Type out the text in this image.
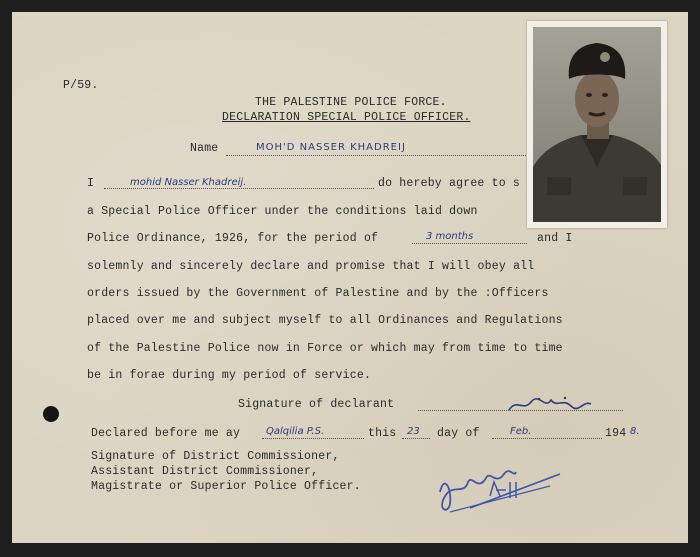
P/59.
THE PALESTINE POLICE FORCE.
DECLARATION SPECIAL POLICE OFFICER.
Name	MOH'D NASSER KHADREIJ
I	mohid Nasser Khadreij.	do hereby agree to s
a Special Police Officer under the conditions laid down
Police Ordinance, 1926, for the period of	3 months	and I
solemnly and sincerely declare and promise that I will obey all
orders issued by the Government of Palestine and by the :Officers
placed over me and subject myself to all Ordinances and Regulations
of the Palestine Police now in Force or which may from time to time
be in forae during my period of service.
Signature of declarant
Declared before me ay	Qalqilia P.S.	this 23 day of	Feb.	194 8.
Signature of District Commissioner,
Assistant District Commissioner,
Magistrate or Superior Police Officer.
